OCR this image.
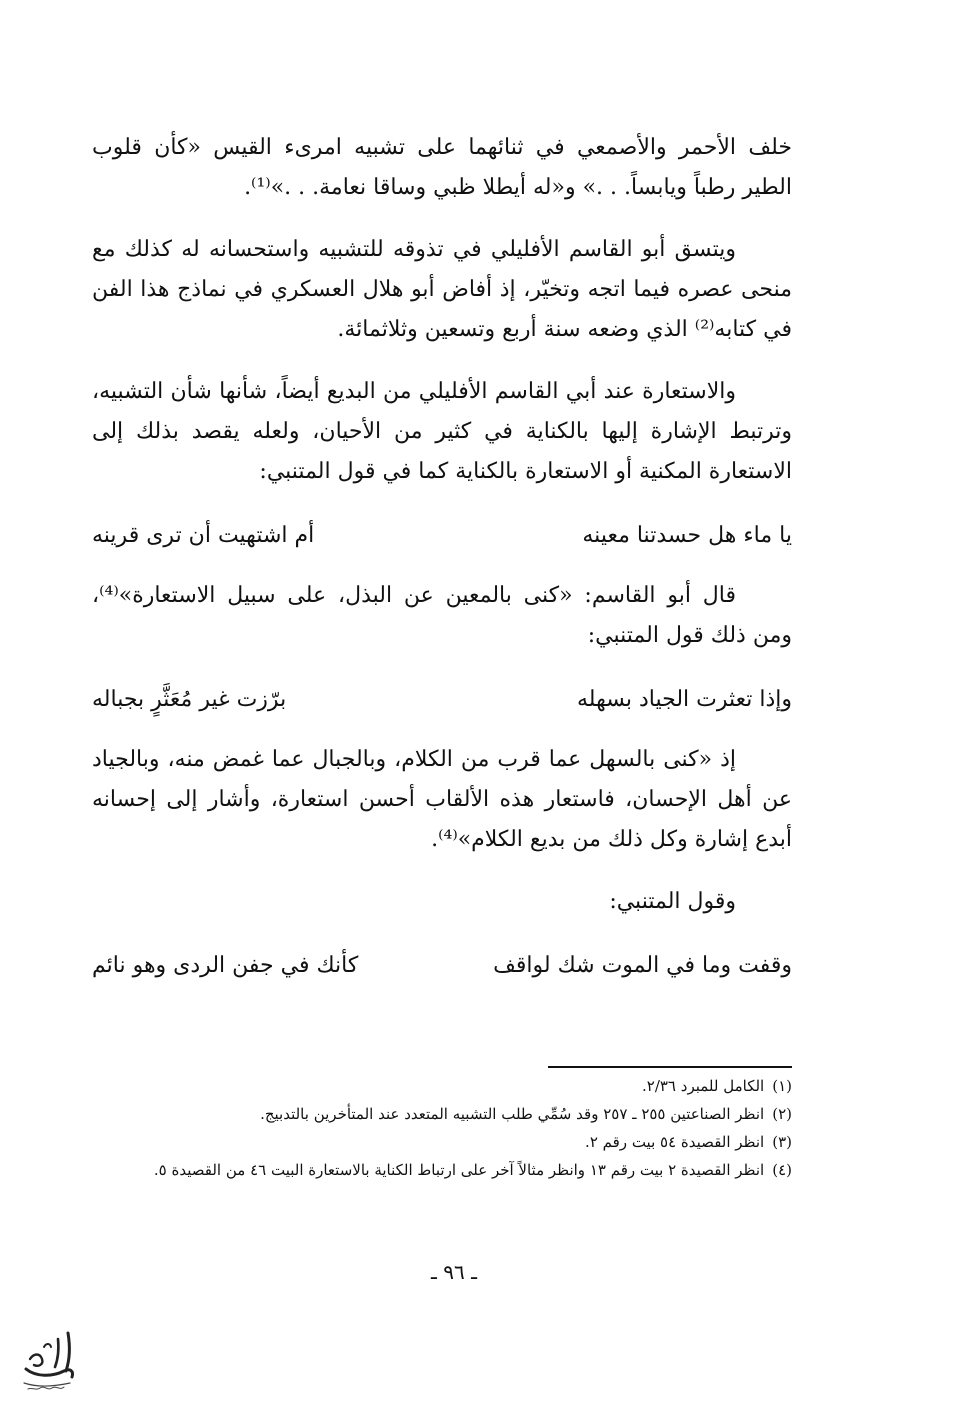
خلف الأحمر والأصمعي في ثنائهما على تشبيه امرىء القيس «كأن قلوب الطير رطباً ويابساً. . .» و«له أيطلا ظبي وساقا نعامة. . .»⁽¹⁾.

ويتسق أبو القاسم الأفليلي في تذوقه للتشبيه واستحسانه له كذلك مع منحى عصره فيما اتجه وتخيّر، إذ أفاض أبو هلال العسكري في نماذج هذا الفن في كتابه⁽²⁾ الذي وضعه سنة أربع وتسعين وثلاثمائة.

والاستعارة عند أبي القاسم الأفليلي من البديع أيضاً، شأنها شأن التشبيه، وترتبط الإشارة إليها بالكناية في كثير من الأحيان، ولعله يقصد بذلك إلى الاستعارة المكنية أو الاستعارة بالكناية كما في قول المتنبي:

يا ماء هل حسدتنا معينه
أم اشتهيت أن ترى قرينه

قال أبو القاسم: «كنى بالمعين عن البذل، على سبيل الاستعارة»⁽⁴⁾، ومن ذلك قول المتنبي:

وإذا تعثرت الجياد بسهله
برّزت غير مُعَثَّرٍ بجباله

إذ «كنى بالسهل عما قرب من الكلام، وبالجبال عما غمض منه، وبالجياد عن أهل الإحسان، فاستعار هذه الألقاب أحسن استعارة، وأشار إلى إحسانه أبدع إشارة وكل ذلك من بديع الكلام»⁽⁴⁾.

وقول المتنبي:

وقفت وما في الموت شك لواقف
كأنك في جفن الردى وهو نائم

(١)
الكامل للمبرد ٢/٣٦.

(٢)
انظر الصناعتين ٢٥٥ ـ ٢٥٧ وقد سُمِّي طلب التشبيه المتعدد عند المتأخرين بالتدبيج.

(٣)
انظر القصيدة ٥٤ بيت رقم ٢.

(٤)
انظر القصيدة ٢ بيت رقم ١٣ وانظر مثالاً آخر على ارتباط الكناية بالاستعارة البيت ٤٦ من القصيدة ٥.

ـ ٩٦ ـ
